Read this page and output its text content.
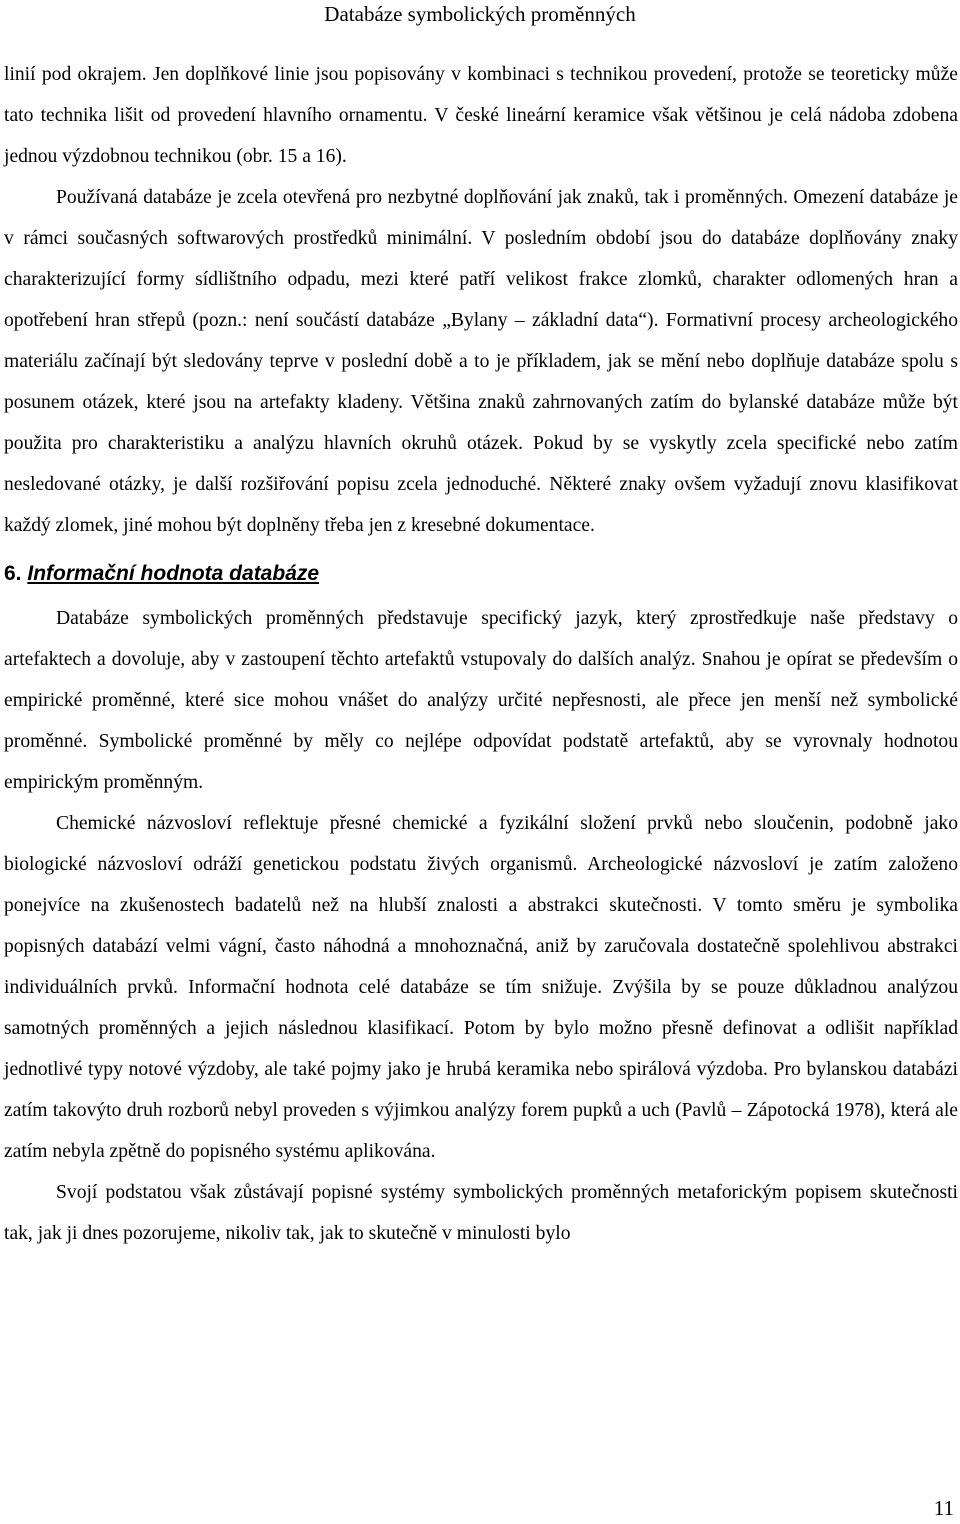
Databáze symbolických proměnných

linií pod okrajem. Jen doplňkové linie jsou popisovány v kombinaci s technikou provedení, protože se teoreticky může tato technika lišit od provedení hlavního ornamentu. V české lineární keramice však většinou je celá nádoba zdobena jednou výzdobnou technikou (obr. 15 a 16).

Používaná databáze je zcela otevřená pro nezbytné doplňování jak znaků, tak i proměnných. Omezení databáze je v rámci současných softwarových prostředků minimální. V posledním období jsou do databáze doplňovány znaky charakterizující formy sídlištního odpadu, mezi které patří velikost frakce zlomků, charakter odlomených hran a opotřebení hran střepů (pozn.: není součástí databáze „Bylany – základní data“). Formativní procesy archeologického materiálu začínají být sledovány teprve v poslední době a to je příkladem, jak se mění nebo doplňuje databáze spolu s posunem otázek, které jsou na artefakty kladeny. Většina znaků zahrnovaných zatím do bylanské databáze může být použita pro charakteristiku a analýzu hlavních okruhů otázek. Pokud by se vyskytly zcela specifické nebo zatím nesledované otázky, je další rozšiřování popisu zcela jednoduché. Některé znaky ovšem vyžadují znovu klasifikovat každý zlomek, jiné mohou být doplněny třeba jen z kresebné dokumentace.

6. Informační hodnota databáze

Databáze symbolických proměnných představuje specifický jazyk, který zprostředkuje naše představy o artefaktech a dovoluje, aby v zastoupení těchto artefaktů vstupovaly do dalších analýz. Snahou je opírat se především o empirické proměnné, které sice mohou vnášet do analýzy určité nepřesnosti, ale přece jen menší než symbolické proměnné. Symbolické proměnné by měly co nejlépe odpovídat podstatě artefaktů, aby se vyrovnaly hodnotou empirickým proměnným.

Chemické názvosloví reflektuje přesné chemické a fyzikální složení prvků nebo sloučenin, podobně jako biologické názvosloví odráží genetickou podstatu živých organismů. Archeologické názvosloví je zatím založeno ponejvíce na zkušenostech badatelů než na hlubší znalosti a abstrakci skutečnosti. V tomto směru je symbolika popisných databází velmi vágní, často náhodná a mnohoznačná, aniž by zaručovala dostatečně spolehlivou abstrakci individuálních prvků. Informační hodnota celé databáze se tím snižuje. Zvýšila by se pouze důkladnou analýzou samotných proměnných a jejich následnou klasifikací. Potom by bylo možno přesně definovat a odlišit například jednotlivé typy notové výzdoby, ale také pojmy jako je hrubá keramika nebo spirálová výzdoba. Pro bylanskou databázi zatím takovýto druh rozborů nebyl proveden s výjimkou analýzy forem pupků a uch (Pavlů – Zápotocká 1978), která ale zatím nebyla zpětně do popisného systému aplikována.

Svojí podstatou však zůstávají popisné systémy symbolických proměnných metaforickým popisem skutečnosti tak, jak ji dnes pozorujeme, nikoliv tak, jak to skutečně v minulosti bylo

11
